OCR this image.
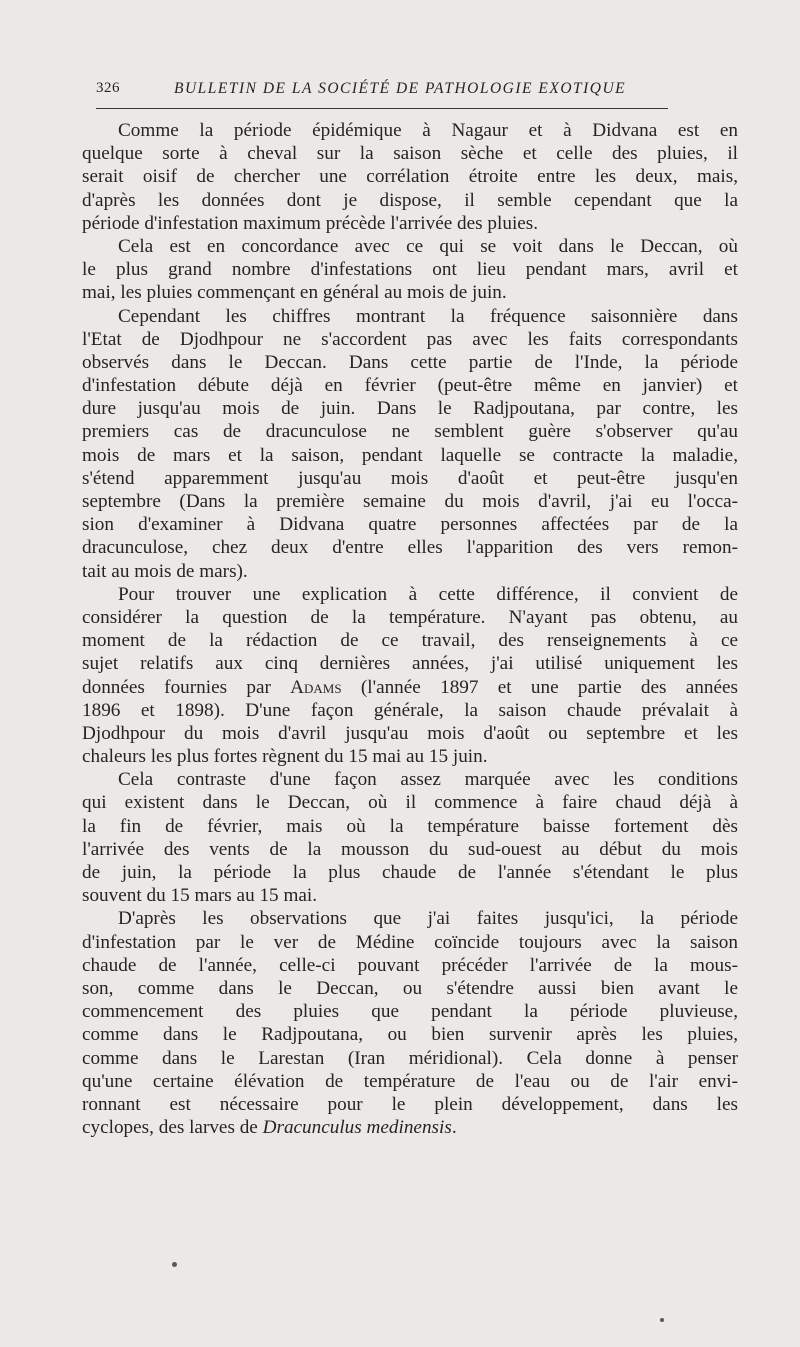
326	BULLETIN DE LA SOCIÉTÉ DE PATHOLOGIE EXOTIQUE
Comme la période épidémique à Nagaur et à Didvana est en
quelque sorte à cheval sur la saison sèche et celle des pluies, il
serait oisif de chercher une corrélation étroite entre les deux, mais,
d'après les données dont je dispose, il semble cependant que la
période d'infestation maximum précède l'arrivée des pluies.
Cela est en concordance avec ce qui se voit dans le Deccan, où
le plus grand nombre d'infestations ont lieu pendant mars, avril et
mai, les pluies commençant en général au mois de juin.
Cependant les chiffres montrant la fréquence saisonnière dans
l'Etat de Djodhpour ne s'accordent pas avec les faits correspondants
observés dans le Deccan. Dans cette partie de l'Inde, la période
d'infestation débute déjà en février (peut-être même en janvier) et
dure jusqu'au mois de juin. Dans le Radjpoutana, par contre, les
premiers cas de dracunculose ne semblent guère s'observer qu'au
mois de mars et la saison, pendant laquelle se contracte la maladie,
s'étend apparemment jusqu'au mois d'août et peut-être jusqu'en
septembre (Dans la première semaine du mois d'avril, j'ai eu l'occa-
sion d'examiner à Didvana quatre personnes affectées par de la
dracunculose, chez deux d'entre elles l'apparition des vers remon-
tait au mois de mars).
Pour trouver une explication à cette différence, il convient de
considérer la question de la température. N'ayant pas obtenu, au
moment de la rédaction de ce travail, des renseignements à ce
sujet relatifs aux cinq dernières années, j'ai utilisé uniquement les
données fournies par Adams (l'année 1897 et une partie des années
1896 et 1898). D'une façon générale, la saison chaude prévalait à
Djodhpour du mois d'avril jusqu'au mois d'août ou septembre et les
chaleurs les plus fortes règnent du 15 mai au 15 juin.
Cela contraste d'une façon assez marquée avec les conditions
qui existent dans le Deccan, où il commence à faire chaud déjà à
la fin de février, mais où la température baisse fortement dès
l'arrivée des vents de la mousson du sud-ouest au début du mois
de juin, la période la plus chaude de l'année s'étendant le plus
souvent du 15 mars au 15 mai.
D'après les observations que j'ai faites jusqu'ici, la période
d'infestation par le ver de Médine coïncide toujours avec la saison
chaude de l'année, celle-ci pouvant précéder l'arrivée de la mous-
son, comme dans le Deccan, ou s'étendre aussi bien avant le
commencement des pluies que pendant la période pluvieuse,
comme dans le Radjpoutana, ou bien survenir après les pluies,
comme dans le Larestan (Iran méridional). Cela donne à penser
qu'une certaine élévation de température de l'eau ou de l'air envi-
ronnant est nécessaire pour le plein développement, dans les
cyclopes, des larves de Dracunculus medinensis.
